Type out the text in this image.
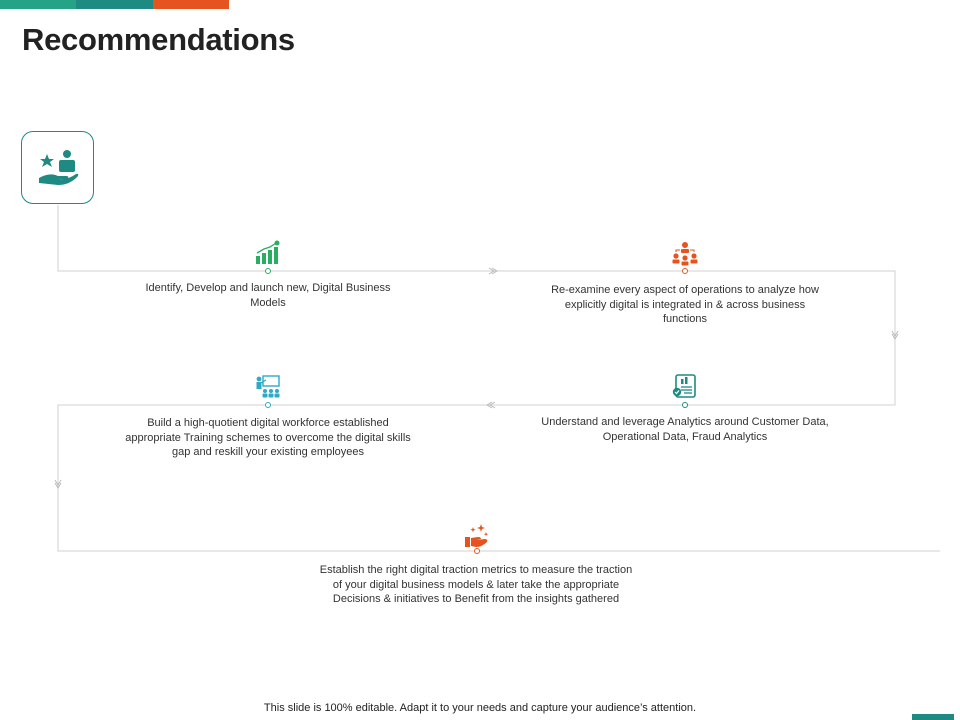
Recommendations
Identify, Develop and launch new, Digital Business Models
Re-examine every aspect of operations to analyze how explicitly digital is integrated in & across business functions
Understand and leverage Analytics around Customer Data, Operational Data, Fraud Analytics
Build a high-quotient digital workforce established appropriate Training schemes to overcome the digital skills gap and reskill your existing employees
Establish the right digital traction metrics to measure the traction of your digital business models & later take the appropriate Decisions & initiatives to Benefit from the insights gathered
This slide is 100% editable. Adapt it to your needs and capture your audience’s attention.
